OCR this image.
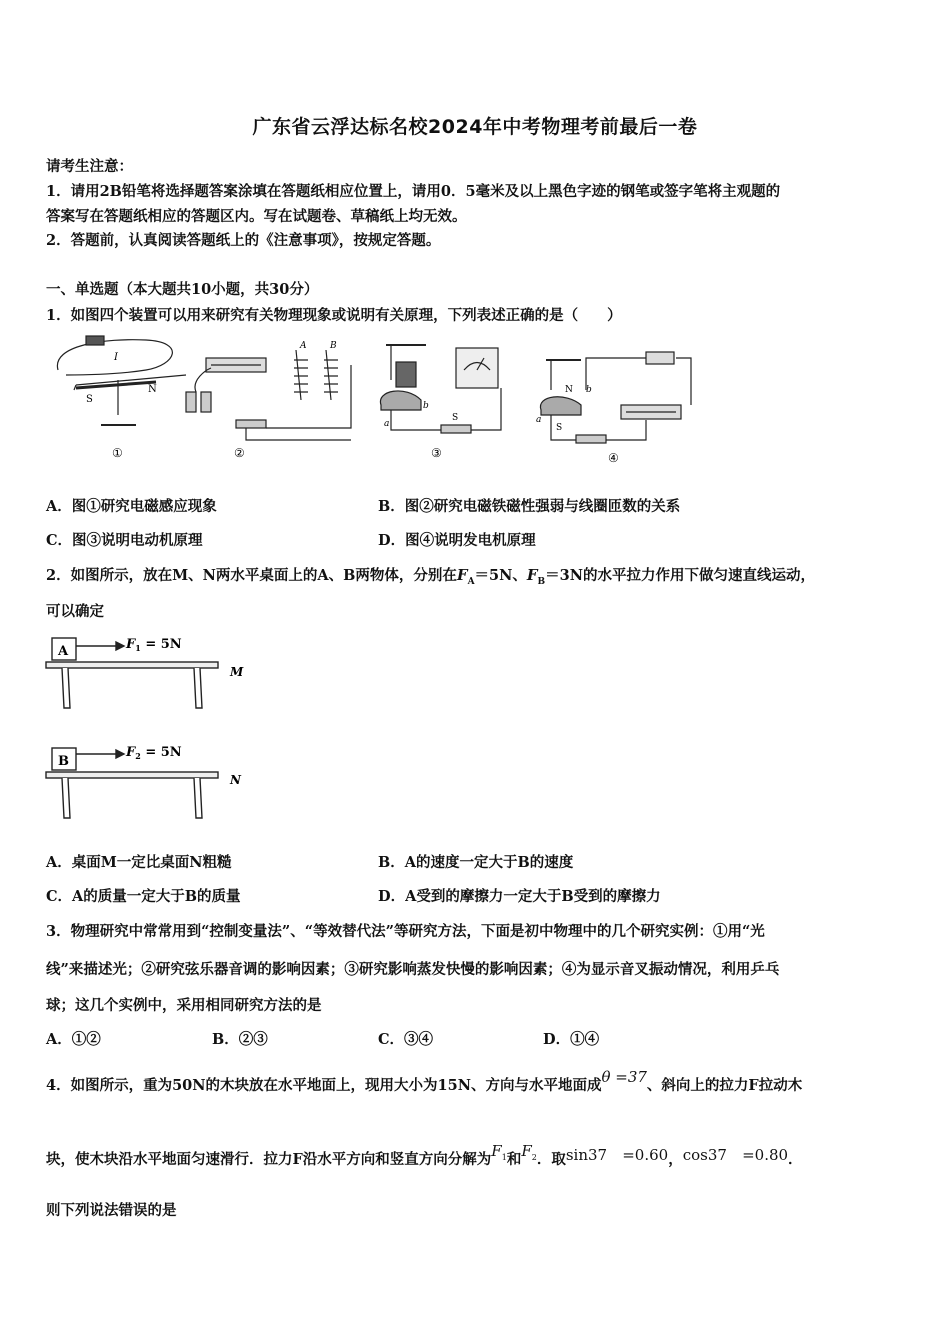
广东省云浮达标名校2024年中考物理考前最后一卷
请考生注意：
1．请用2B铅笔将选择题答案涂填在答题纸相应位置上，请用0．5毫米及以上黑色字迹的钢笔或签字笔将主观题的
答案写在答题纸相应的答题区内。写在试题卷、草稿纸上均无效。
2．答题前，认真阅读答题纸上的《注意事项》，按规定答题。
一、单选题（本大题共10小题，共30分）
1．如图四个装置可以用来研究有关物理现象或说明有关原理，下列表述正确的是（　　）
I
S
N
①
A	B
②
a
b
S
③
N b
a
S
④
A．图①研究电磁感应现象	B．图②研究电磁铁磁性强弱与线圈匝数的关系
C．图③说明电动机原理	D．图④说明发电机原理
2．如图所示，放在M、N两水平桌面上的A、B两物体，分别在$F_A=5N$、$F_B=3N$的水平拉力作用下做匀速直线运动，
可以确定
A	$F_1 = 5N$
M
B
$F_2 = 5N$
N
A．桌面M一定比桌面N粗糙	B．A的速度一定大于B的速度
C．A的质量一定大于B的质量	D．A受到的摩擦力一定大于B受到的摩擦力
3．物理研究中常常用到“控制变量法”、“等效替代法”等研究方法，下面是初中物理中的几个研究实例：①用“光
线”来描述光；②研究弦乐器音调的影响因素；③研究影响蒸发快慢的影响因素；④为显示音叉振动情况，利用乒乓
球；这几个实例中，采用相同研究方法的是
A．①②	B．②③	C．③④	D．①④
4．如图所示，重为50N的木块放在水平地面上，现用大小为15N、方向与水平地面成θ =37、斜向上的拉力F拉动木
块，使木块沿水平地面匀速滑行．拉力F沿水平方向和竖直方向分解为$F_1$和$F_2$．取sin37 =0.60，cos37 =0.80．
则下列说法错误的是
